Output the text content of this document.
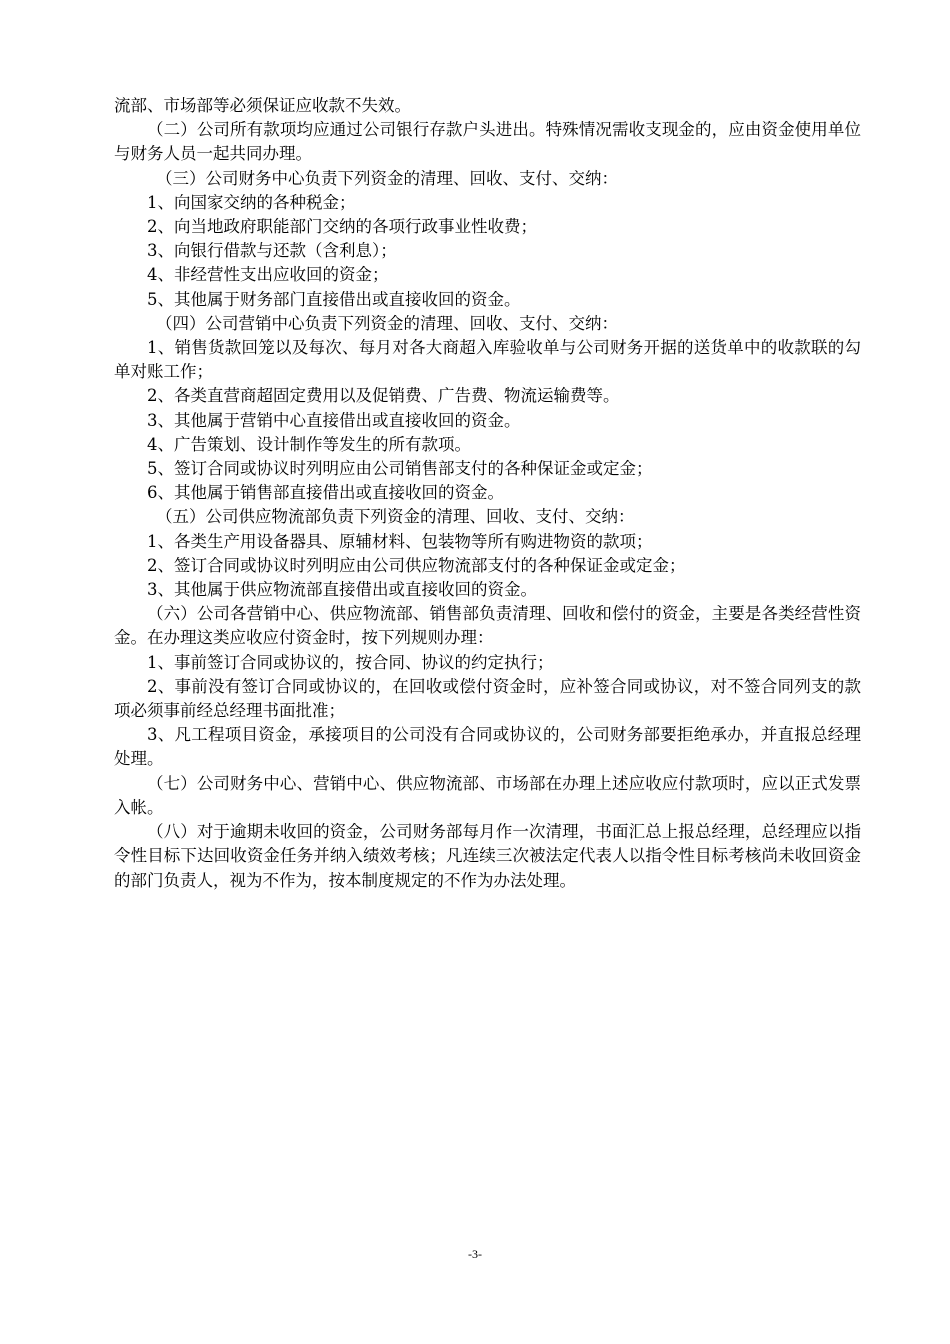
流部、市场部等必须保证应收款不失效。

（二）公司所有款项均应通过公司银行存款户头进出。特殊情况需收支现金的，应由资金使用单位与财务人员一起共同办理。

（三）公司财务中心负责下列资金的清理、回收、支付、交纳：

1、向国家交纳的各种税金；

2、向当地政府职能部门交纳的各项行政事业性收费；

3、向银行借款与还款（含利息）；

4、非经营性支出应收回的资金；

5、其他属于财务部门直接借出或直接收回的资金。

（四）公司营销中心负责下列资金的清理、回收、支付、交纳：

1、销售货款回笼以及每次、每月对各大商超入库验收单与公司财务开据的送货单中的收款联的勾单对账工作；

2、各类直营商超固定费用以及促销费、广告费、物流运输费等。

3、其他属于营销中心直接借出或直接收回的资金。

4、广告策划、设计制作等发生的所有款项。

5、签订合同或协议时列明应由公司销售部支付的各种保证金或定金；

6、其他属于销售部直接借出或直接收回的资金。

（五）公司供应物流部负责下列资金的清理、回收、支付、交纳：

1、各类生产用设备器具、原辅材料、包装物等所有购进物资的款项；

2、签订合同或协议时列明应由公司供应物流部支付的各种保证金或定金；

3、其他属于供应物流部直接借出或直接收回的资金。

（六）公司各营销中心、供应物流部、销售部负责清理、回收和偿付的资金，主要是各类经营性资金。在办理这类应收应付资金时，按下列规则办理：

1、事前签订合同或协议的，按合同、协议的约定执行；

2、事前没有签订合同或协议的，在回收或偿付资金时，应补签合同或协议，对不签合同列支的款项必须事前经总经理书面批准；

3、凡工程项目资金，承接项目的公司没有合同或协议的，公司财务部要拒绝承办，并直报总经理处理。

（七）公司财务中心、营销中心、供应物流部、市场部在办理上述应收应付款项时，应以正式发票入帐。

（八）对于逾期未收回的资金，公司财务部每月作一次清理，书面汇总上报总经理，总经理应以指令性目标下达回收资金任务并纳入绩效考核；凡连续三次被法定代表人以指令性目标考核尚未收回资金的部门负责人，视为不作为，按本制度规定的不作为办法处理。

-3-
